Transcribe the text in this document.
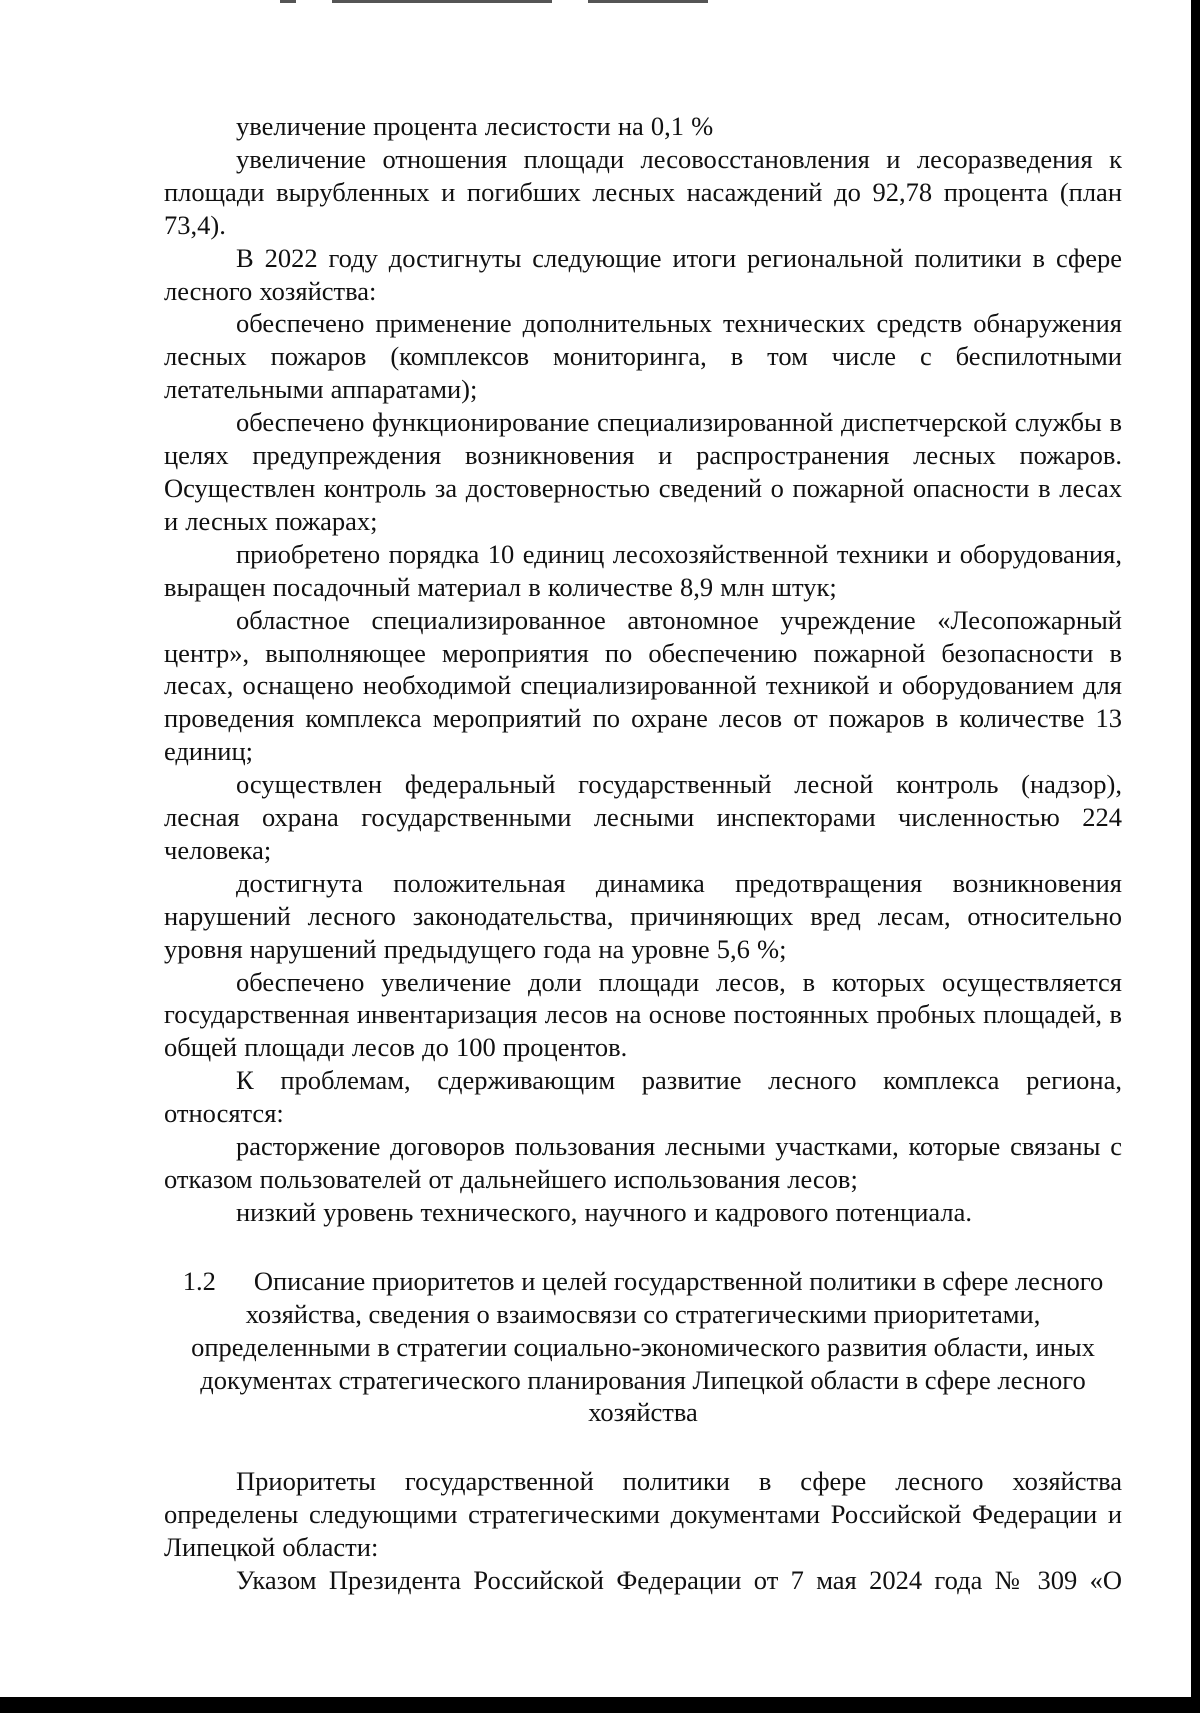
увеличение процента лесистости на 0,1 %

увеличение отношения площади лесовосстановления и лесоразведения к площади вырубленных и погибших лесных насаждений до 92,78 процента (план 73,4).

В 2022 году достигнуты следующие итоги региональной политики в сфере лесного хозяйства:

обеспечено применение дополнительных технических средств обнаружения лесных пожаров (комплексов мониторинга, в том числе с беспилотными летательными аппаратами);

обеспечено функционирование специализированной диспетчерской службы в целях предупреждения возникновения и распространения лесных пожаров. Осуществлен контроль за достоверностью сведений о пожарной опасности в лесах и лесных пожарах;

приобретено порядка 10 единиц лесохозяйственной техники и оборудования, выращен посадочный материал в количестве 8,9 млн штук;

областное специализированное автономное учреждение «Лесопожарный центр», выполняющее мероприятия по обеспечению пожарной безопасности в лесах, оснащено необходимой специализированной техникой и оборудованием для проведения комплекса мероприятий по охране лесов от пожаров в количестве 13 единиц;

осуществлен федеральный государственный лесной контроль (надзор), лесная охрана государственными лесными инспекторами численностью 224 человека;

достигнута положительная динамика предотвращения возникновения нарушений лесного законодательства, причиняющих вред лесам, относительно уровня нарушений предыдущего года на уровне 5,6 %;

обеспечено увеличение доли площади лесов, в которых осуществляется государственная инвентаризация лесов на основе постоянных пробных площадей, в общей площади лесов до 100 процентов.

К проблемам, сдерживающим развитие лесного комплекса региона, относятся:

расторжение договоров пользования лесными участками, которые связаны с отказом пользователей от дальнейшего использования лесов;

низкий уровень технического, научного и кадрового потенциала.

1.2 Описание приоритетов и целей государственной политики в сфере лесного хозяйства, сведения о взаимосвязи со стратегическими приоритетами, определенными в стратегии социально-экономического развития области, иных документах стратегического планирования Липецкой области в сфере лесного хозяйства

Приоритеты государственной политики в сфере лесного хозяйства определены следующими стратегическими документами Российской Федерации и Липецкой области:

Указом Президента Российской Федерации от 7 мая 2024 года № 309 «О
